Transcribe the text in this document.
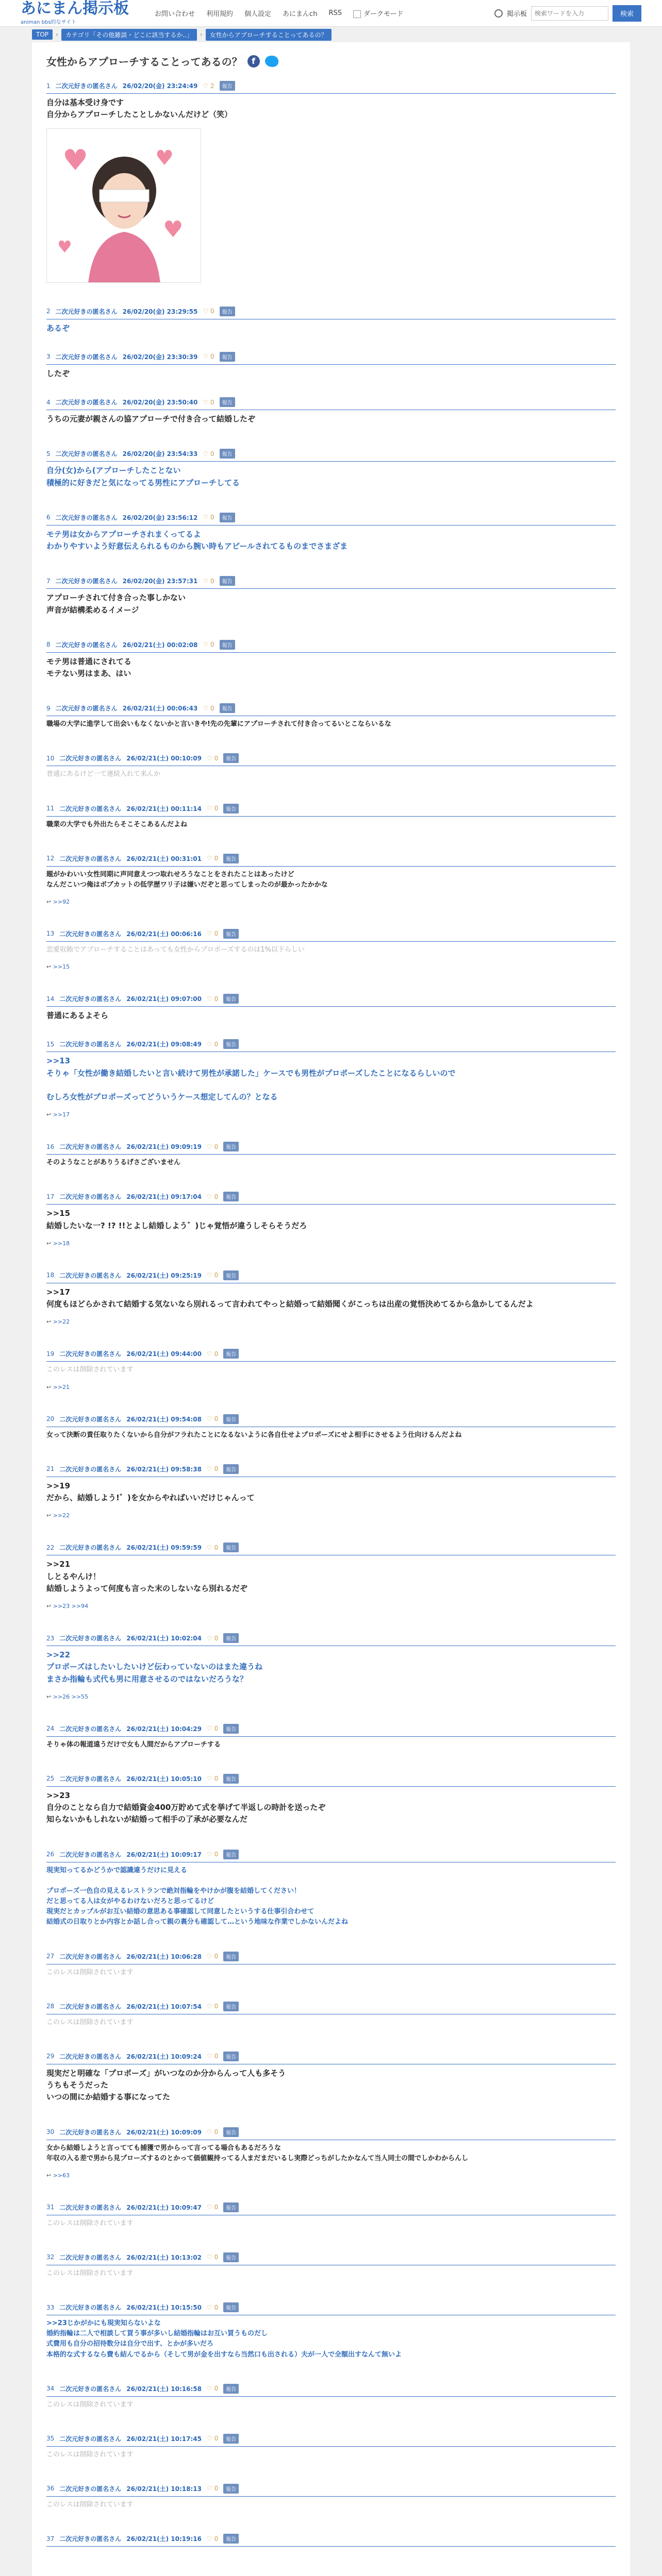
あにまん掲示板
animan bbs的なサイト
お問い合わせ 利用規約 個人設定 あにまんch RSS	ダークモード	掲示板
検索ワードを入力	検索
TOP	›	カテゴリ「その他雑談・どこに該当するか..」	›	女性からアプローチすることってあるの？
女性からアプローチすることってあるの？	f
1 二次元好きの匿名さん 26/02/20(金) 23:24:49 ♡ 2	報告
自分は基本受け身です
自分からアプローチしたことしかないんだけど（笑）
♥	♥
♥
♥
2 二次元好きの匿名さん 26/02/20(金) 23:29:55 ♡ 0	報告
あるぞ
3 二次元好きの匿名さん 26/02/20(金) 23:30:39 ♡ 0	報告
したぞ
4 二次元好きの匿名さん 26/02/20(金) 23:50:40 ♡ 0	報告
うちの元妻が親さんの協アプローチで付き合って結婚したぞ
5 二次元好きの匿名さん 26/02/20(金) 23:54:33 ♡ 0	報告
自分(女)から(アプローチしたことない
積極的に好きだと気になってる男性にアプローチしてる
6 二次元好きの匿名さん 26/02/20(金) 23:56:12 ♡ 0	報告
モテ男は女からアプローチされまくってるよ
わかりやすいよう好意伝えられるものから腕い時もアピールされてるものまでさまざま
7 二次元好きの匿名さん 26/02/20(金) 23:57:31 ♡ 0	報告
アプローチされて付き合った事しかない
声音が結構柔めるイメージ
8 二次元好きの匿名さん 26/02/21(土) 00:02:08 ♡ 0	報告
モテ男は普通にされてる
モテない男はまあ、はい
9 二次元好きの匿名さん 26/02/21(土) 00:06:43 ♡ 0	報告
職場の大学に進学して出会いもなくないかと言いきや!先の先輩にアプローチされて付き合ってるいとこならいるな
10 二次元好きの匿名さん 26/02/21(土) 00:10:09 ♡ 0	報告
普通にあるけど一て連続入れて来んか
11 二次元好きの匿名さん 26/02/21(土) 00:11:14 ♡ 0	報告
職業の大学でも外出たらそこそこあるんだよね
12 二次元好きの匿名さん 26/02/21(土) 00:31:01 ♡ 0	報告
題がかわいい女性同期に声同意えつつ取れせろうなことをされたことはあったけど
なんだこいつ俺はボブカットの低学歴ワリ子は嫌いだぞと思ってしまったのが最かったかかな
↩ >>92
13 二次元好きの匿名さん 26/02/21(土) 00:06:16 ♡ 0	報告
恋愛収賄でアプローチすることはあっても女性からプロポーズするのは1%以下らしい
↩ >>15
14 二次元好きの匿名さん 26/02/21(土) 09:07:00 ♡ 0	報告
普通にあるよそら
15 二次元好きの匿名さん 26/02/21(土) 09:08:49 ♡ 0	報告
>>13
そりゃ「女性が働き結婚したいと言い続けて男性が承諾した」ケースでも男性がプロポーズしたことになるらしいので

むしろ女性がプロポーズってどういうケース想定してんの？となる
↩ >>17
16 二次元好きの匿名さん 26/02/21(土) 09:09:19 ♡ 0	報告
そのようなことがありうるげさございません
17 二次元好きの匿名さん 26/02/21(土) 09:17:04 ♡ 0	報告
>>15
結婚したいな一? !? !!とよし結婚しよう゛)じゃ覚悟が違うしそらそうだろ
↩ >>18
18 二次元好きの匿名さん 26/02/21(土) 09:25:19 ♡ 0	報告
>>17
何度もほどらかされて結婚する気ないなら別れるって言われてやっと結婚って結婚聞くがこっちは出産の覚悟決めてるから急かしてるんだよ
↩ >>22
19 二次元好きの匿名さん 26/02/21(土) 09:44:00 ♡ 0	報告
このレスは削除されています
↩ >>21
20 二次元好きの匿名さん 26/02/21(土) 09:54:08 ♡ 0	報告
女って決断の責任取りたくないから自分がフラれたことになるないように各自仕せよプロポーズにせよ相手にさせるよう仕向けるんだよね
21 二次元好きの匿名さん 26/02/21(土) 09:58:38 ♡ 0	報告
>>19
だから、結婚しよう!゛)を女からやればいいだけじゃんって
↩ >>22
22 二次元好きの匿名さん 26/02/21(土) 09:59:59 ♡ 0	報告
>>21
しとるやんけ！
結婚しようよって何度も言った末のしないなら別れるだぞ
↩ >>23 >>94
23 二次元好きの匿名さん 26/02/21(土) 10:02:04 ♡ 0	報告
>>22
プロポーズはしたいしたいけど伝わっていないのはまた違うね
まさか指輪も式代も男に用意させるのではないだろうな？
↩ >>26 >>55
24 二次元好きの匿名さん 26/02/21(土) 10:04:29 ♡ 0	報告
そりゃ体の報道遠うだけで女も人間だからアプローチする
25 二次元好きの匿名さん 26/02/21(土) 10:05:10 ♡ 0	報告
>>23
自分のことなら自力で結婚資金400万貯めて式を挙げて半返しの時計を送ったぞ
知らないかもしれないが結婚って相手の了承が必要なんだ
26 二次元好きの匿名さん 26/02/21(土) 10:09:17 ♡ 0	報告
現実知ってるかどうかで認識違うだけに見える

プロポーズ一色自の見えるレストランで絶対指輪をやけかが腹を結婚してください！
だと思ってる人は女がやるわけないだろと思ってるけど
現実だとカップルがお互い結婚の意思ある事確認して同意したというする仕事引合わせて
結婚式の日取りとか内容とか話し合って親の裏分も確認して…という地味な作業でしかないんだよね
27 二次元好きの匿名さん 26/02/21(土) 10:06:28 ♡ 0	報告
このレスは削除されています
28 二次元好きの匿名さん 26/02/21(土) 10:07:54 ♡ 0	報告
このレスは削除されています
29 二次元好きの匿名さん 26/02/21(土) 10:09:24 ♡ 0	報告
現実だと明確な「プロポーズ」がいつなのか分からんって人も多そう
うちもそうだった
いつの間にか結婚する事になってた
30 二次元好きの匿名さん 26/02/21(土) 10:09:09 ♡ 0	報告
女から結婚しようと言ってても捕獲で男からって言ってる場合もあるだろうな
年収の入る差で男から見プローズするのとかって価値観持ってる人まだまだいるし実際どっちがしたかなんて当人同士の間でしかわからんし
↩ >>63
31 二次元好きの匿名さん 26/02/21(土) 10:09:47 ♡ 0	報告
このレスは削除されています
32 二次元好きの匿名さん 26/02/21(土) 10:13:02 ♡ 0	報告
このレスは削除されています
33 二次元好きの匿名さん 26/02/21(土) 10:15:50 ♡ 0	報告
>>23じかがかにも現実知らないよな
婚約指輪は二人で相談して買う事が多いし結婚指輪はお互い買うものだし
式費用も自分の招待数分は自分で出す、とかが多いだろ
本格的な式するなら費も結んでるから（そして男が金を出すなら当然口も出される）夫が一人で全額出すなんて無いよ
34 二次元好きの匿名さん 26/02/21(土) 10:16:58 ♡ 0	報告
このレスは削除されています
35 二次元好きの匿名さん 26/02/21(土) 10:17:45 ♡ 0	報告
このレスは削除されています
36 二次元好きの匿名さん 26/02/21(土) 10:18:13 ♡ 0	報告
このレスは削除されています
37 二次元好きの匿名さん 26/02/21(土) 10:19:16 ♡ 0	報告
